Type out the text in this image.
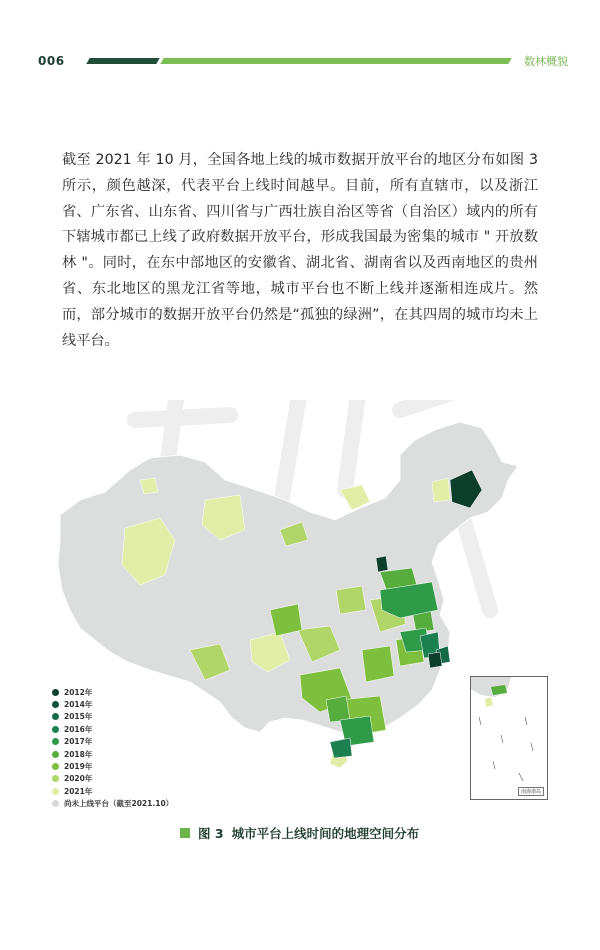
006	数林概貌

截至 2021 年 10 月，全国各地上线的城市数据开放平台的地区分布如图 3 所示，颜色越深，代表平台上线时间越早。目前，所有直辖市，以及浙江省、广东省、山东省、四川省与广西壮族自治区等省（自治区）域内的所有下辖城市都已上线了政府数据开放平台，形成我国最为密集的城市 " 开放数林 "。同时，在东中部地区的安徽省、湖北省、湖南省以及西南地区的贵州省、东北地区的黑龙江省等地，城市平台也不断上线并逐渐相连成片。然而，部分城市的数据开放平台仍然是“孤独的绿洲”，在其四周的城市均未上线平台。

南海诸岛
2012年
2014年
2015年
2016年
2017年
2018年
2019年
2020年
2021年
尚未上线平台（截至2021.10）
图 3 城市平台上线时间的地理空间分布
